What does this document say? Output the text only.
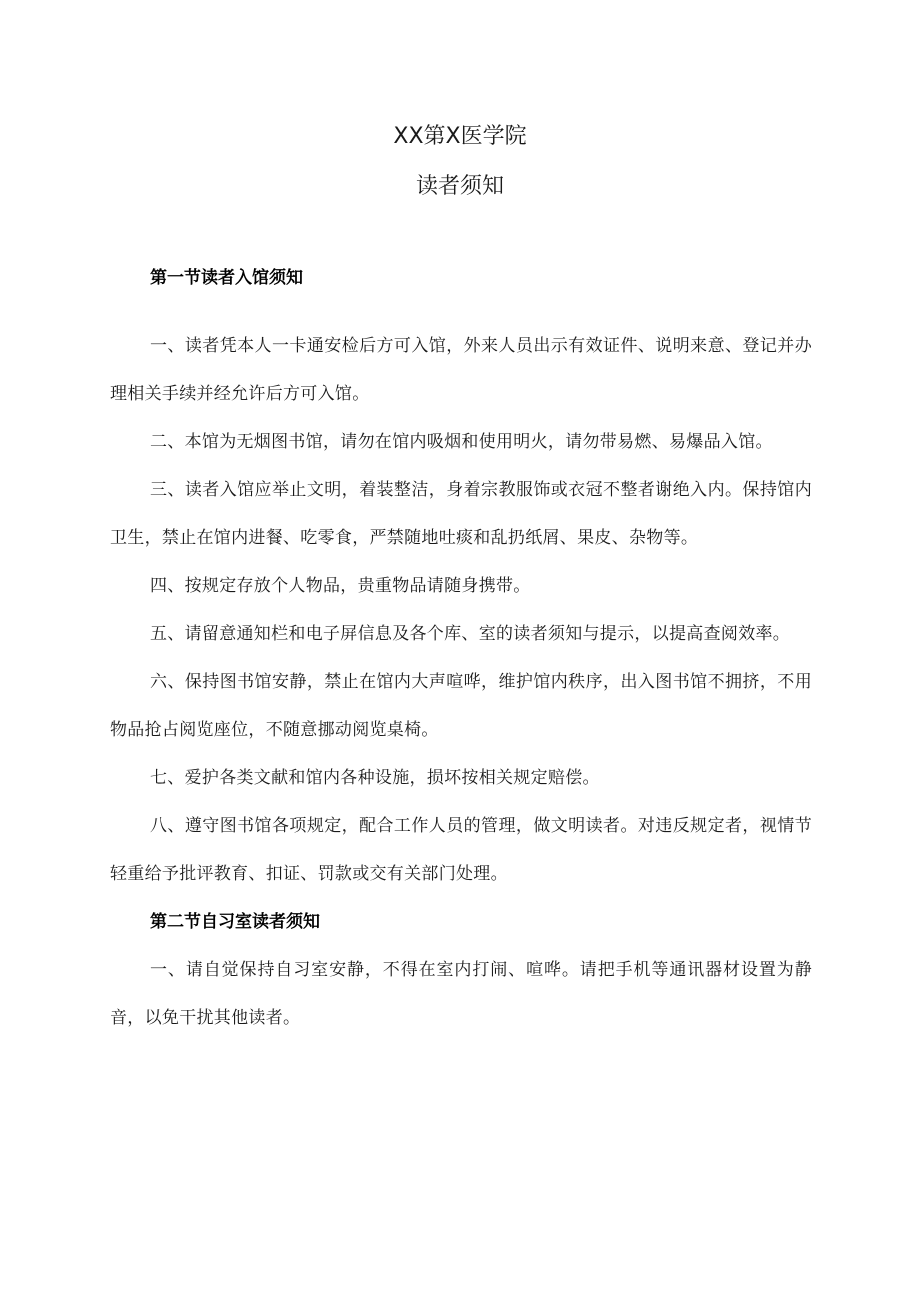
XX第X医学院
读者须知

第一节读者入馆须知

一、读者凭本人一卡通安检后方可入馆，外来人员出示有效证件、说明来意、登记并办理相关手续并经允许后方可入馆。

二、本馆为无烟图书馆，请勿在馆内吸烟和使用明火，请勿带易燃、易爆品入馆。

三、读者入馆应举止文明，着装整洁，身着宗教服饰或衣冠不整者谢绝入内。保持馆内卫生，禁止在馆内进餐、吃零食，严禁随地吐痰和乱扔纸屑、果皮、杂物等。

四、按规定存放个人物品，贵重物品请随身携带。

五、请留意通知栏和电子屏信息及各个库、室的读者须知与提示，以提高查阅效率。

六、保持图书馆安静，禁止在馆内大声喧哗，维护馆内秩序，出入图书馆不拥挤，不用物品抢占阅览座位，不随意挪动阅览桌椅。

七、爱护各类文献和馆内各种设施，损坏按相关规定赔偿。

八、遵守图书馆各项规定，配合工作人员的管理，做文明读者。对违反规定者，视情节轻重给予批评教育、扣证、罚款或交有关部门处理。

第二节自习室读者须知

一、请自觉保持自习室安静，不得在室内打闹、喧哗。请把手机等通讯器材设置为静音，以免干扰其他读者。
